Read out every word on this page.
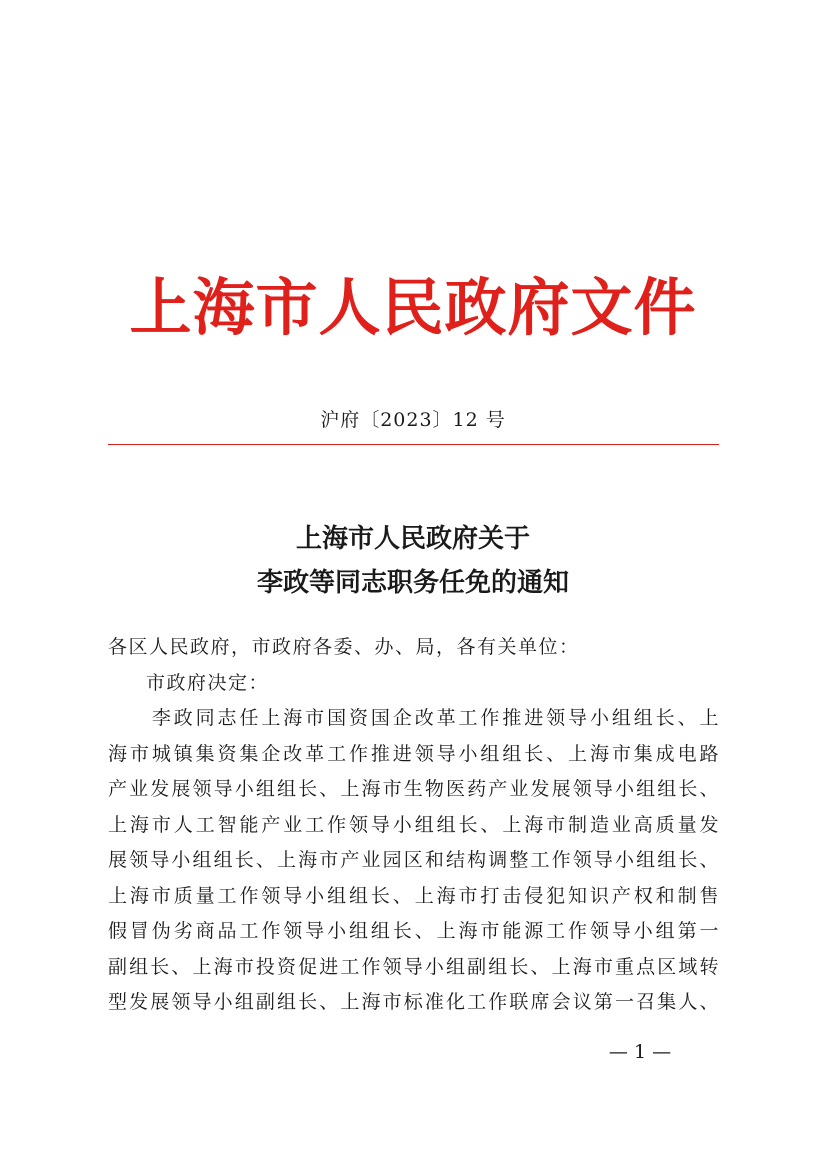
上海市人民政府文件
沪府〔2023〕12 号
上海市人民政府关于
李政等同志职务任免的通知

各区人民政府，市政府各委、办、局，各有关单位：

市政府决定：

　　李政同志任上海市国资国企改革工作推进领导小组组长、上
海市城镇集资集企改革工作推进领导小组组长、上海市集成电路
产业发展领导小组组长、上海市生物医药产业发展领导小组组长、
上海市人工智能产业工作领导小组组长、上海市制造业高质量发
展领导小组组长、上海市产业园区和结构调整工作领导小组组长、
上海市质量工作领导小组组长、上海市打击侵犯知识产权和制售
假冒伪劣商品工作领导小组组长、上海市能源工作领导小组第一
副组长、上海市投资促进工作领导小组副组长、上海市重点区域转
型发展领导小组副组长、上海市标准化工作联席会议第一召集人、
— 1 —
